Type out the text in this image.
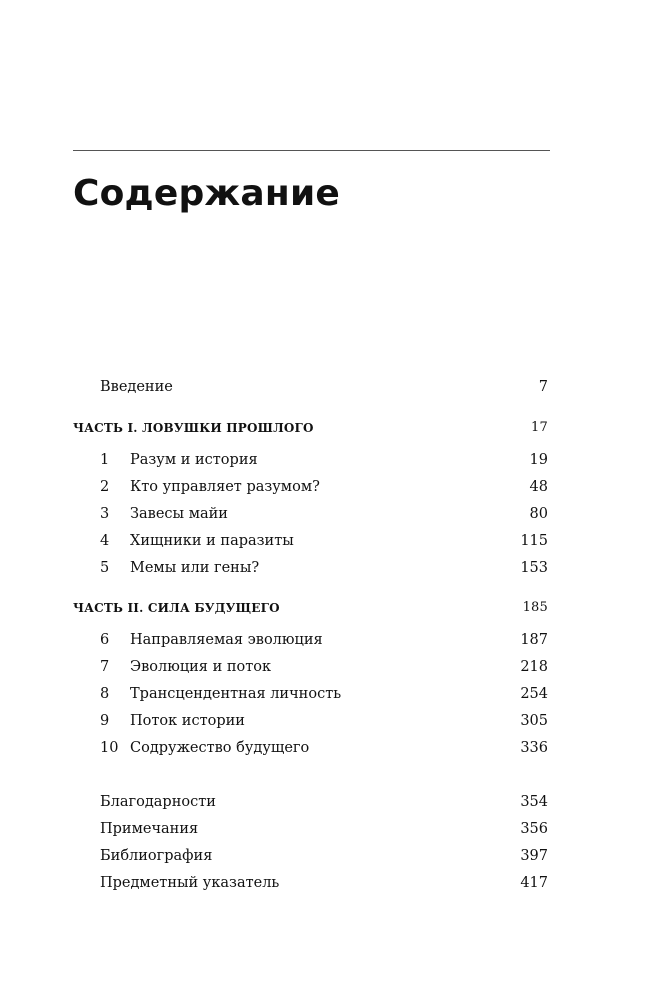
Содержание
Введение	7
ЧАСТЬ I. ЛОВУШКИ ПРОШЛОГО	17
1 Разум и история	19
2 Кто управляет разумом?	48
3 Завесы майи	80
4 Хищники и паразиты	115
5 Мемы или гены?	153
ЧАСТЬ II. СИЛА БУДУЩЕГО	185
6 Направляемая эволюция	187
7 Эволюция и поток	218
8 Трансцендентная личность	254
9 Поток истории	305
10 Содружество будущего	336
Благодарности	354
Примечания	356
Библиография	397
Предметный указатель	417
